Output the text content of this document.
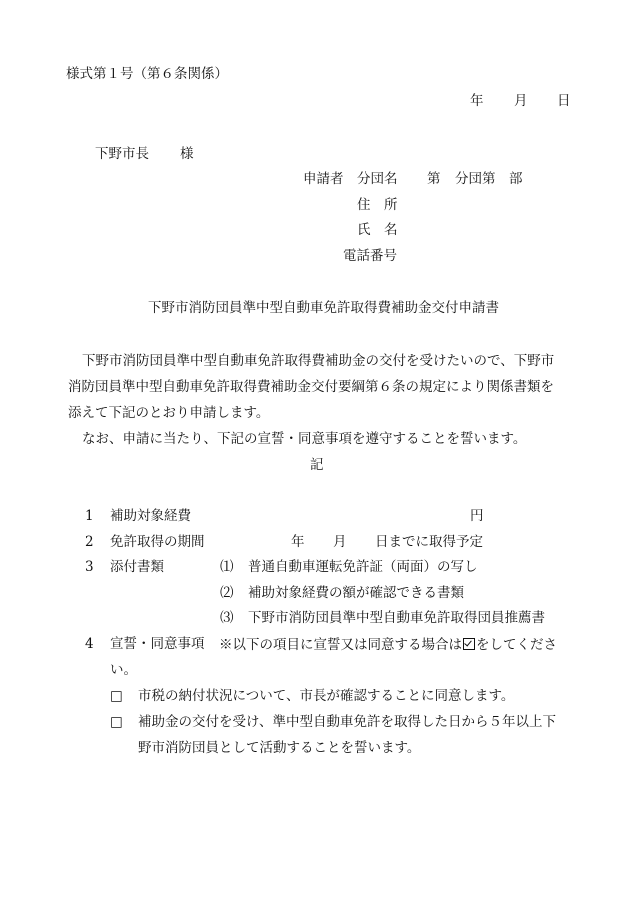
様式第１号（第６条関係）
年 月 日
下野市長 様
申請者 分団名 第 分団第 部
住　所
氏　名
電話番号
下野市消防団員準中型自動車免許取得費補助金交付申請書
下野市消防団員準中型自動車免許取得費補助金の交付を受けたいので、下野市
消防団員準中型自動車免許取得費補助金交付要綱第６条の規定により関係書類を
添えて下記のとおり申請します。
なお、申請に当たり、下記の宣誓・同意事項を遵守することを誓います。
記
1 補助対象経費	円
2 免許取得の期間	年 月 日までに取得予定
3 添付書類	⑴ 普通自動車運転免許証（両面）の写し
⑵ 補助対象経費の額が確認できる書類
⑶ 下野市消防団員準中型自動車免許取得団員推薦書
4 宣誓・同意事項 ※以下の項目に宣誓又は同意する場合は をしてくださ
い。
□ 市税の納付状況について、市長が確認することに同意します。
□ 補助金の交付を受け、準中型自動車免許を取得した日から５年以上下
野市消防団員として活動することを誓います。
